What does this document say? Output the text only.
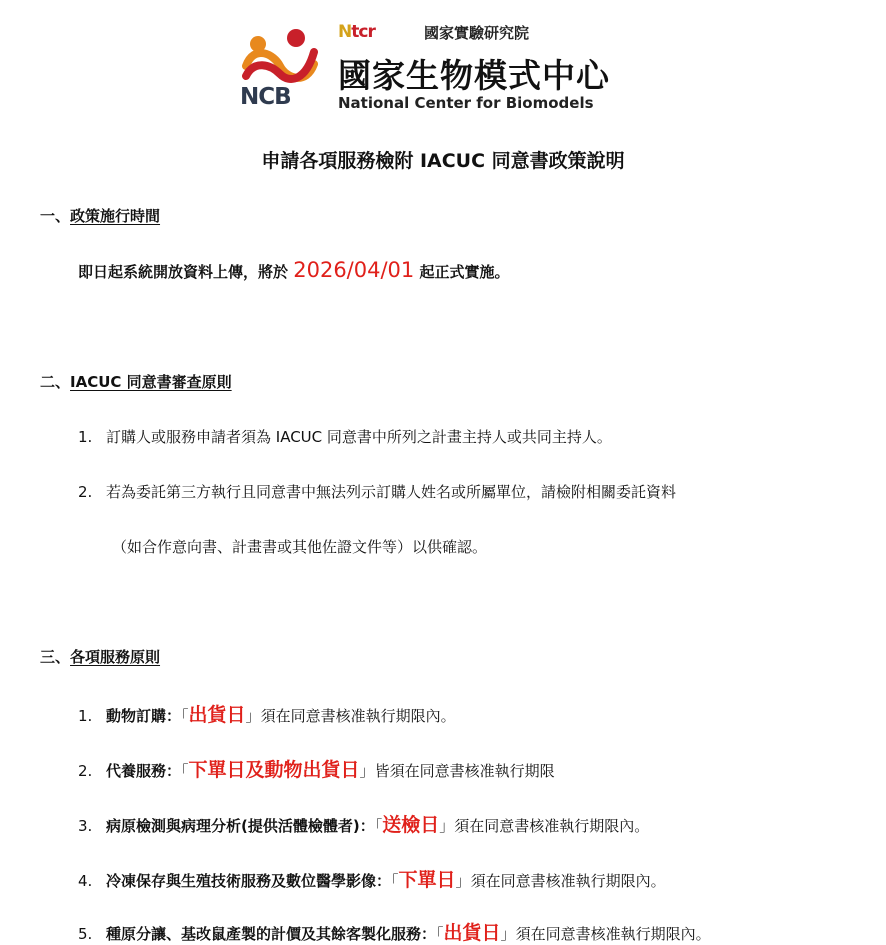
NCB
Ntcr	國家實驗研究院
國家生物模式中心
National Center for Biomodels
申請各項服務檢附 IACUC 同意書政策說明
一、政策施行時間
即日起系統開放資料上傳，將於 2026/04/01 起正式實施。
二、IACUC 同意書審查原則
1. 訂購人或服務申請者須為 IACUC 同意書中所列之計畫主持人或共同主持人。
2. 若為委託第三方執行且同意書中無法列示訂購人姓名或所屬單位，請檢附相關委託資料
（如合作意向書、計畫書或其他佐證文件等）以供確認。
三、各項服務原則
1. 動物訂購：「出貨日」須在同意書核准執行期限內。
2. 代養服務：「下單日及動物出貨日」皆須在同意書核准執行期限
3. 病原檢測與病理分析(提供活體檢體者)：「送檢日」須在同意書核准執行期限內。
4. 冷凍保存與生殖技術服務及數位醫學影像：「下單日」須在同意書核准執行期限內。
5. 種原分讓、基改鼠產製的計價及其餘客製化服務：「出貨日」須在同意書核准執行期限內。
